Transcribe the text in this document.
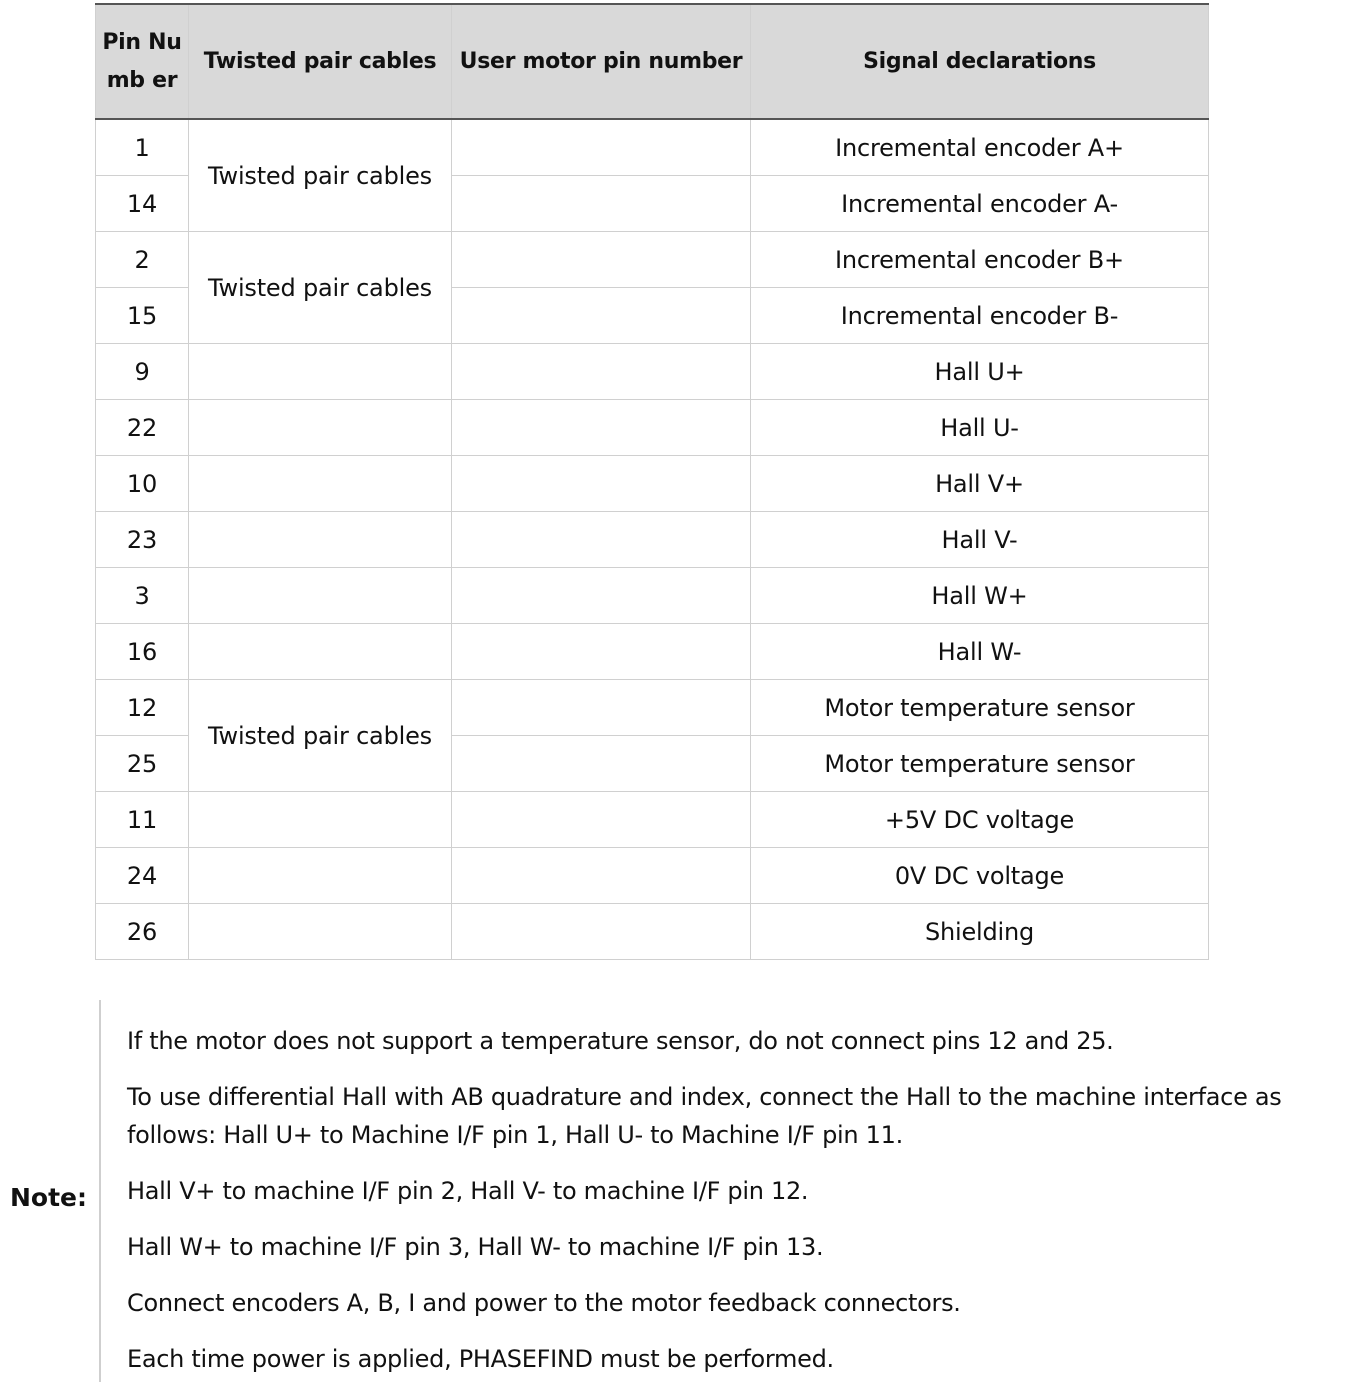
Pin Numb er	Twisted pair cables	User motor pin number	Signal declarations
1	Twisted pair cables		Incremental encoder A+
14			Incremental encoder A-
2	Twisted pair cables		Incremental encoder B+
15			Incremental encoder B-
9			Hall U+
22			Hall U-
10			Hall V+
23			Hall V-
3			Hall W+
16			Hall W-
12	Twisted pair cables		Motor temperature sensor
25			Motor temperature sensor
11			+5V DC voltage
24			0V DC voltage
26			Shielding
Note:

If the motor does not support a temperature sensor, do not connect pins 12 and 25.

To use differential Hall with AB quadrature and index, connect the Hall to the machine interface as follows: Hall U+ to Machine I/F pin 1, Hall U- to Machine I/F pin 11.

Hall V+ to machine I/F pin 2, Hall V- to machine I/F pin 12.

Hall W+ to machine I/F pin 3, Hall W- to machine I/F pin 13.

Connect encoders A, B, I and power to the motor feedback connectors.

Each time power is applied, PHASEFIND must be performed.
